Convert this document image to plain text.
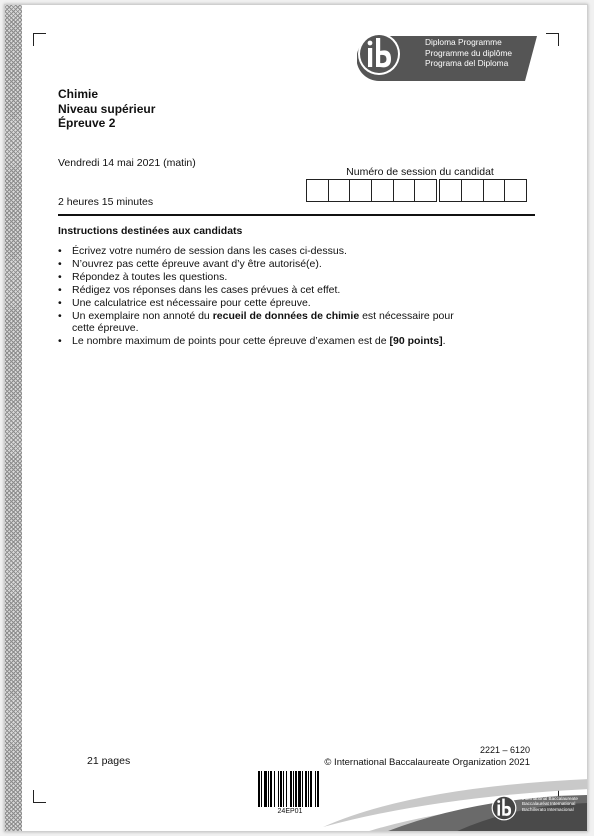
Diploma Programme
Programme du diplôme
Programa del Diploma
Chimie
Niveau supérieur
Épreuve 2
Vendredi 14 mai 2021 (matin)
2 heures 15 minutes
Numéro de session du candidat
Instructions destinées aux candidats
• Écrivez votre numéro de session dans les cases ci-dessus.
• N’ouvrez pas cette épreuve avant d’y être autorisé(e).
• Répondez à toutes les questions.
• Rédigez vos réponses dans les cases prévues à cet effet.
• Une calculatrice est nécessaire pour cette épreuve.
• Un exemplaire non annoté du recueil de données de chimie est nécessaire pour cette épreuve.
• Le nombre maximum de points pour cette épreuve d’examen est de [90 points].
21 pages
2221 – 6120
© International Baccalaureate Organization 2021
24EP01
International Baccalaureate
Baccalauréat International
Bachillerato Internacional
